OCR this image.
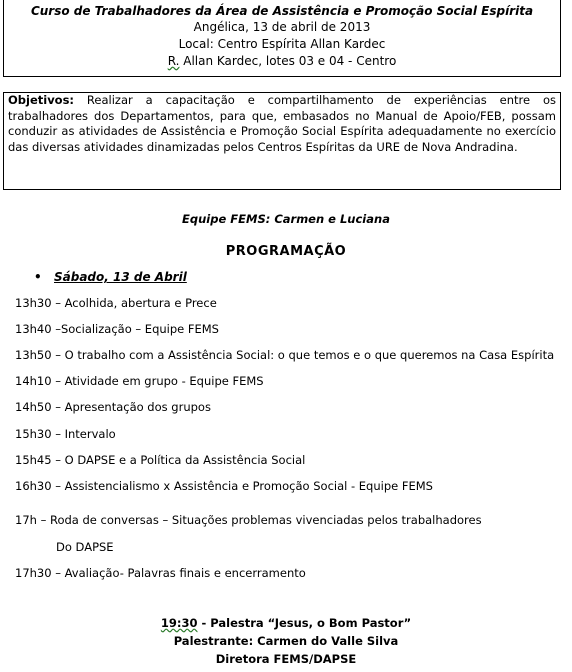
Curso de Trabalhadores da Área de Assistência e Promoção Social Espírita
Angélica, 13 de abril de 2013
Local: Centro Espírita Allan Kardec
R. Allan Kardec, lotes 03 e 04 - Centro
Objetivos: Realizar a capacitação e compartilhamento de experiências entre os trabalhadores dos Departamentos, para que, embasados no Manual de Apoio/FEB, possam conduzir as atividades de Assistência e Promoção Social Espírita adequadamente no exercício das diversas atividades dinamizadas pelos Centros Espíritas da URE de Nova Andradina.
Equipe FEMS: Carmen e Luciana
PROGRAMAÇÃO
• Sábado, 13 de Abril
13h30 – Acolhida, abertura e Prece
13h40 –Socialização – Equipe FEMS
13h50 – O trabalho com a Assistência Social: o que temos e o que queremos na Casa Espírita
14h10 – Atividade em grupo - Equipe FEMS
14h50 – Apresentação dos grupos
15h30 – Intervalo
15h45 – O DAPSE e a Política da Assistência Social
16h30 – Assistencialismo x Assistência e Promoção Social - Equipe FEMS
17h – Roda de conversas – Situações problemas vivenciadas pelos trabalhadores
Do DAPSE
17h30 – Avaliação- Palavras finais e encerramento
19:30 - Palestra “Jesus, o Bom Pastor”
Palestrante: Carmen do Valle Silva
Diretora FEMS/DAPSE
